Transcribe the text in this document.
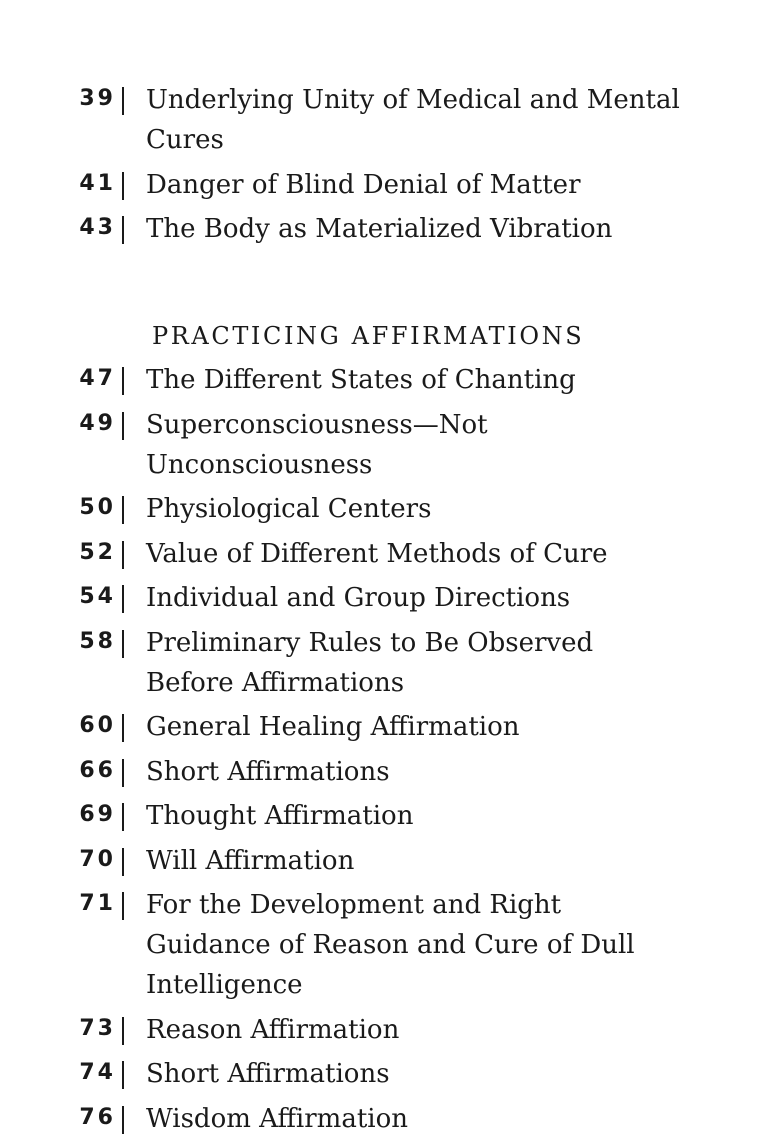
39	Underlying Unity of Medical and Mental Cures
41	Danger of Blind Denial of Matter
43	The Body as Materialized Vibration
PRACTICING AFFIRMATIONS
47	The Different States of Chanting
49	Superconsciousness—Not Unconsciousness
50	Physiological Centers
52	Value of Different Methods of Cure
54	Individual and Group Directions
58	Preliminary Rules to Be Observed Before Affirmations
60	General Healing Affirmation
66	Short Affirmations
69	Thought Affirmation
70	Will Affirmation
71	For the Development and Right Guidance of Reason and Cure of Dull Intelligence
73	Reason Affirmation
74	Short Affirmations
76	Wisdom Affirmation
